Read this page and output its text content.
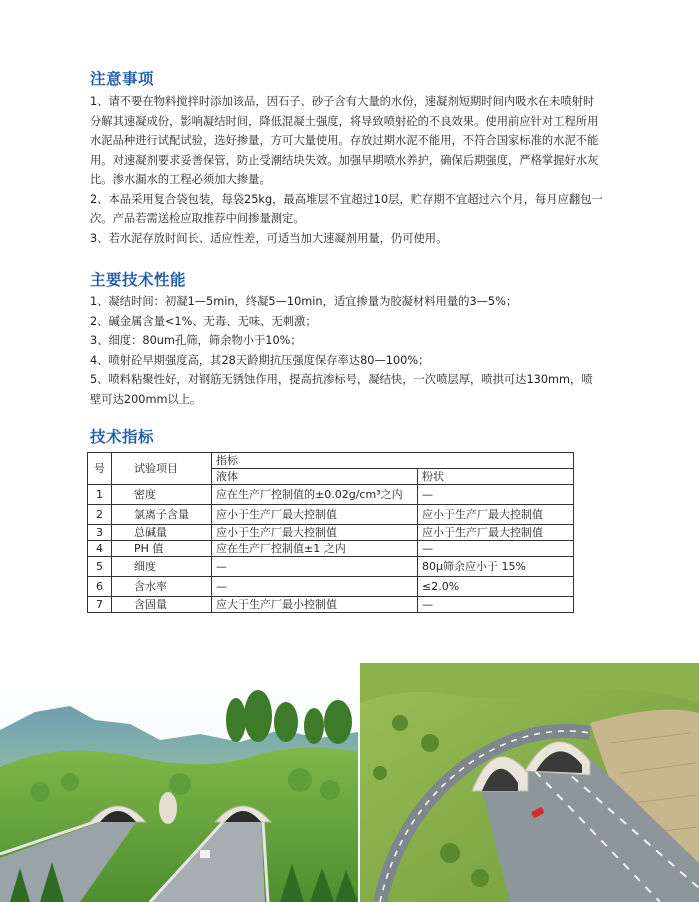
注意事项
1、请不要在物料搅拌时添加该品，因石子、砂子含有大量的水份，速凝剂短期时间内吸水在未喷射时
分解其速凝成份，影响凝结时间，降低混凝土强度，将导致喷射砼的不良效果。使用前应针对工程所用
水泥品种进行试配试验，选好掺量，方可大量使用。存放过期水泥不能用，不符合国家标准的水泥不能
用。对速凝剂要求妥善保管，防止受潮结块失效。加强早期喷水养护，确保后期强度，严格掌握好水灰
比。渗水漏水的工程必须加大掺量。
2、本品采用复合袋包装，每袋25kg，最高堆层不宜超过10层，贮存期不宜超过六个月，每月应翻包一
次。产品若需送检应取推荐中间掺量测定。
3、若水泥存放时间长、适应性差，可适当加大速凝剂用量，仍可使用。
主要技术性能
1、凝结时间：初凝1—5min，终凝5—10min，适宜掺量为胶凝材料用量的3—5%；
2、碱金属含量<1%、无毒、无味、无刺激；
3、细度：80um孔筛，筛余物小于10%；
4、喷射砼早期强度高，其28天龄期抗压强度保存率达80—100%；
5、喷料粘聚性好，对钢筋无锈蚀作用，提高抗渗标号，凝结快，一次喷层厚，喷拱可达130mm，喷
壁可达200mm以上。
技术指标
号	试验项目	指标	
		液体	粉状
1	密度	应在生产厂控制值的±0.02g/cm³之内	—
2	氯离子含量	应小于生产厂最大控制值	应小于生产厂最大控制值
3	总碱量	应小于生产厂最大控制值	应小于生产厂最大控制值
4	PH 值	应在生产厂控制值±1 之内	—
5	细度	—	80μ筛余应小于 15%
6	含水率	—	≤2.0%
7	含固量	应大于生产厂最小控制值	—
